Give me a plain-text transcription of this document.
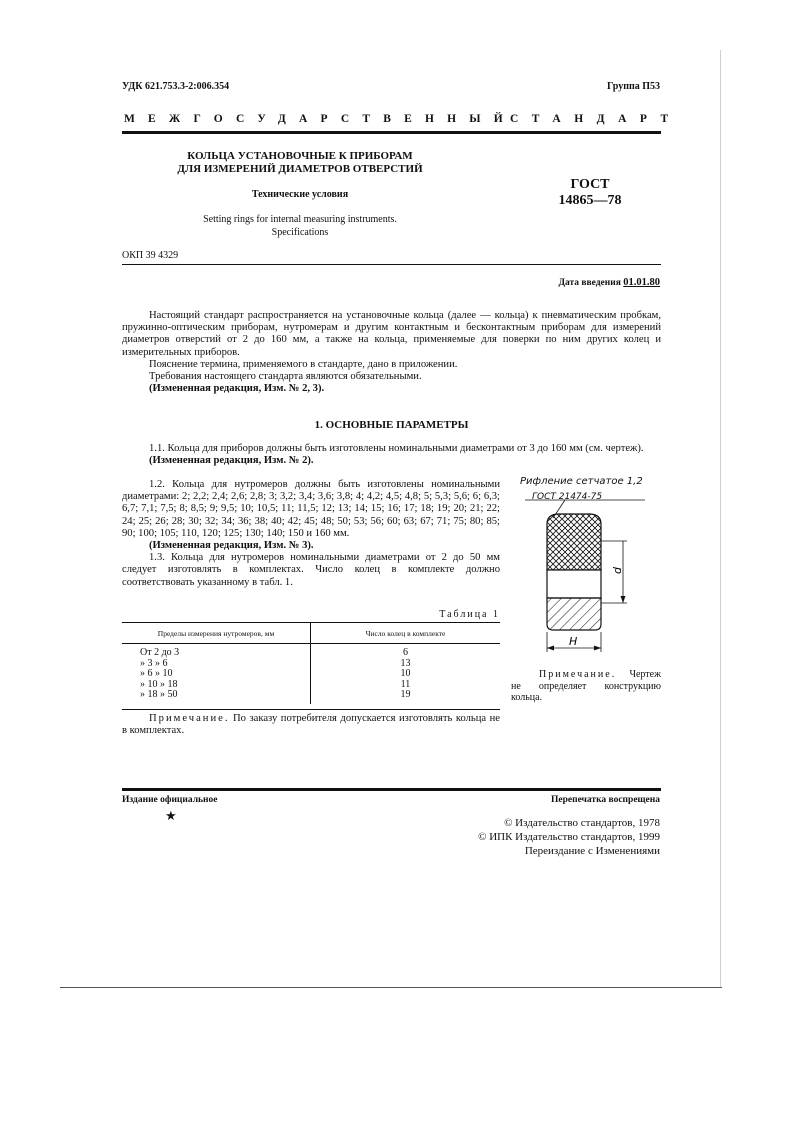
УДК 621.753.3-2:006.354	Группа П53
МЕЖГОСУДАРСТВЕННЫЙ
СТАНДАРТ
КОЛЬЦА УСТАНОВОЧНЫЕ К ПРИБОРАМ
ДЛЯ ИЗМЕРЕНИЙ ДИАМЕТРОВ ОТВЕРСТИЙ
Технические условия
Setting rings for internal measuring instruments.
Specifications
ГОСТ
14865—78
ОКП 39 4329
Дата введения 01.01.80

Настоящий стандарт распространяется на установочные кольца (далее — кольца) к пневматическим пробкам, пружинно-оптическим приборам, нутромерам и другим контактным и бесконтактным приборам для измерений диаметров отверстий от 2 до 160 мм, а также на кольца, применяемые для поверки по ним других колец и измерительных приборов.

Пояснение термина, применяемого в стандарте, дано в приложении.

Требования настоящего стандарта являются обязательными.

(Измененная редакция, Изм. № 2, 3).

1. ОСНОВНЫЕ ПАРАМЕТРЫ

1.1. Кольца для приборов должны быть изготовлены номинальными диаметрами от 3 до 160 мм (см. чертеж).

(Измененная редакция, Изм. № 2).

1.2. Кольца для нутромеров должны быть изготовлены номинальными диаметрами: 2; 2,2; 2,4; 2,6; 2,8; 3; 3,2; 3,4; 3,6; 3,8; 4; 4,2; 4,5; 4,8; 5; 5,3; 5,6; 6; 6,3; 6,7; 7,1; 7,5; 8; 8,5; 9; 9,5; 10; 10,5; 11; 11,5; 12; 13; 14; 15; 16; 17; 18; 19; 20; 21; 22; 24; 25; 26; 28; 30; 32; 34; 36; 38; 40; 42; 45; 48; 50; 53; 56; 60; 63; 67; 71; 75; 80; 85; 90; 100; 105; 110, 120; 125; 130; 140; 150 и 160 мм.

(Измененная редакция, Изм. № 3).

1.3. Кольца для нутромеров номинальными диаметрами от 2 до 50 мм следует изготовлять в комплектах. Число колец в комплекте должно соответствовать указанному в табл. 1.

Таблица 1
Пределы измерения нутромеров, мм	Число колец в комплекте
От 2 до 3	6
» 3 » 6	13
» 6 » 10	10
» 10 » 18	11
» 18 » 50	19
Примечание. По заказу потребителя допускается изготовлять кольца не в комплектах.
Рифление сетчатое 1,2
ГОСТ 21474-75
d
H
Примечание. Чертеж не определяет конструкцию кольца.
Издание официальное	Перепечатка воспрещена
★	© Издательство стандартов, 1978
© ИПК Издательство стандартов, 1999
Переиздание с Изменениями
